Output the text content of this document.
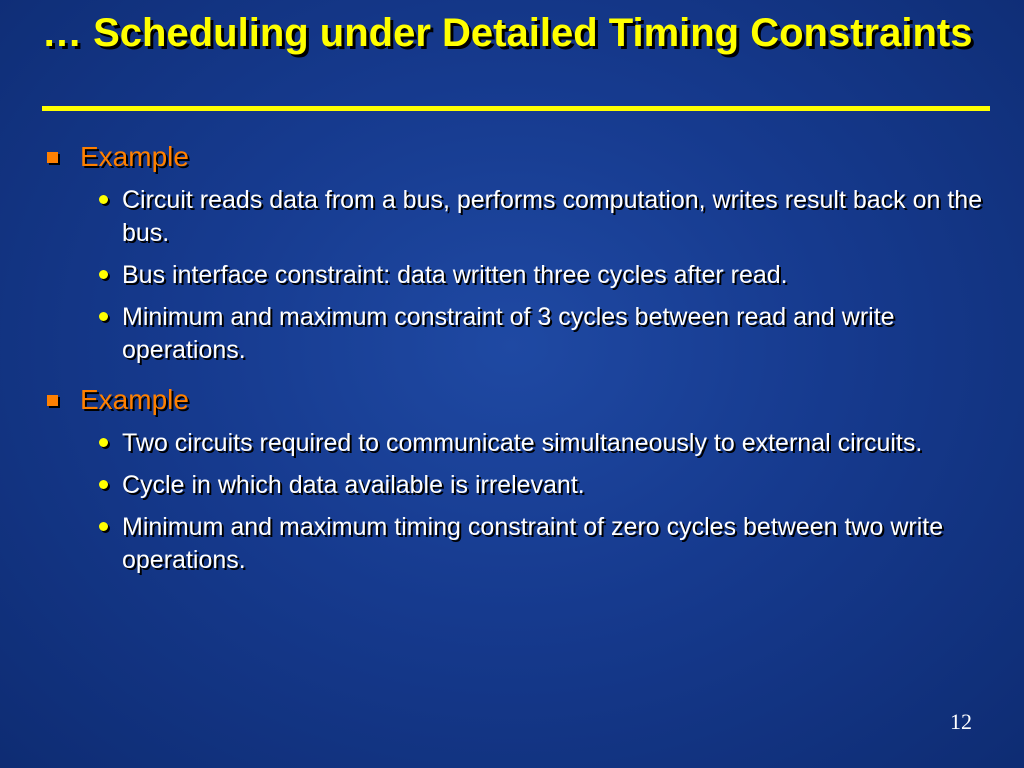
… Scheduling under Detailed Timing Constraints
Example
Circuit reads data from a bus, performs computation, writes result back on the bus.
Bus interface constraint: data written three cycles after read.
Minimum and maximum constraint of 3 cycles between read and write operations.
Example
Two circuits required to communicate simultaneously to external circuits.
Cycle in which data available is irrelevant.
Minimum and maximum timing constraint of zero cycles between two write operations.
12
